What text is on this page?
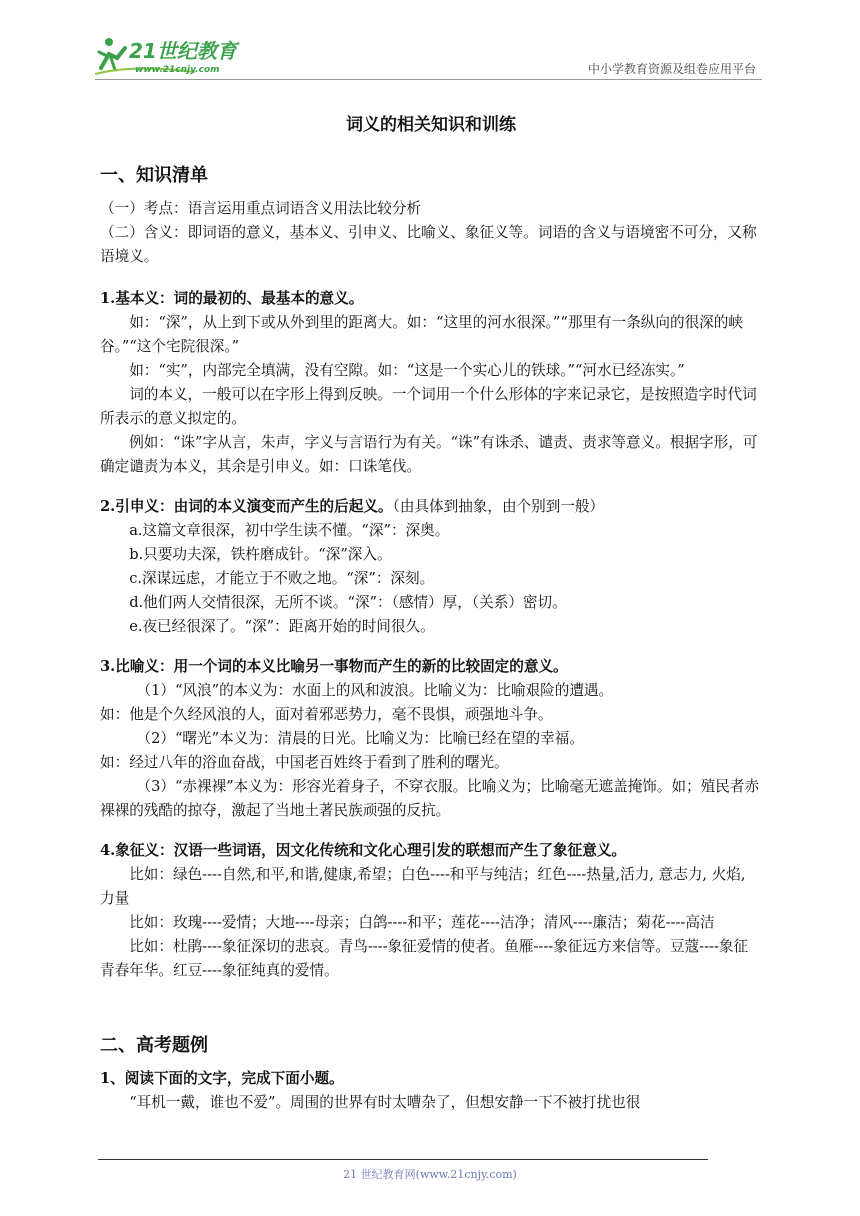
21世纪教育
www.21cnjy.com	中小学教育资源及组卷应用平台
词义的相关知识和训练
一、知识清单

（一）考点：语言运用重点词语含义用法比较分析

（二）含义：即词语的意义，基本义、引申义、比喻义、象征义等。词语的含义与语境密不可分，又称语境义。

1.基本义：词的最初的、最基本的意义。

如：“深”，从上到下或从外到里的距离大。如：“这里的河水很深。”“那里有一条纵向的很深的峡谷。”“这个宅院很深。”

如：“实”，内部完全填满，没有空隙。如：“这是一个实心儿的铁球。”“河水已经冻实。”

词的本义，一般可以在字形上得到反映。一个词用一个什么形体的字来记录它，是按照造字时代词所表示的意义拟定的。

例如：“诛”字从言，朱声，字义与言语行为有关。“诛”有诛杀、谴责、责求等意义。根据字形，可确定谴责为本义，其余是引申义。如：口诛笔伐。

2.引申义：由词的本义演变而产生的后起义。（由具体到抽象，由个别到一般）

a.这篇文章很深，初中学生读不懂。“深”：深奥。

b.只要功夫深，铁杵磨成针。“深”深入。

c.深谋远虑，才能立于不败之地。“深”：深刻。

d.他们两人交情很深，无所不谈。“深”：（感情）厚，（关系）密切。

e.夜已经很深了。“深”：距离开始的时间很久。

3.比喻义：用一个词的本义比喻另一事物而产生的新的比较固定的意义。

（1）“风浪”的本义为：水面上的风和波浪。比喻义为：比喻艰险的遭遇。

如：他是个久经风浪的人，面对着邪恶势力，毫不畏惧，顽强地斗争。

（2）“曙光”本义为：清晨的日光。比喻义为：比喻已经在望的幸福。

如：经过八年的浴血奋战，中国老百姓终于看到了胜利的曙光。

（3）“赤裸裸”本义为：形容光着身子，不穿衣服。比喻义为；比喻毫无遮盖掩饰。如；殖民者赤裸裸的残酷的掠夺，激起了当地土著民族顽强的反抗。

4.象征义：汉语一些词语，因文化传统和文化心理引发的联想而产生了象征意义。

比如：绿色----自然,和平,和谐,健康,希望；白色----和平与纯洁；红色----热量,活力, 意志力, 火焰, 力量

比如：玫瑰----爱情；大地----母亲；白鸽----和平；莲花----洁净；清风----廉洁；菊花----高洁

比如：杜鹃----象征深切的悲哀。青鸟----象征爱情的使者。鱼雁----象征远方来信等。豆蔻----象征青春年华。红豆----象征纯真的爱情。

二、高考题例

1、阅读下面的文字，完成下面小题。

“耳机一戴，谁也不爱”。周围的世界有时太嘈杂了，但想安静一下不被打扰也很

21 世纪教育网(www.21cnjy.com)
